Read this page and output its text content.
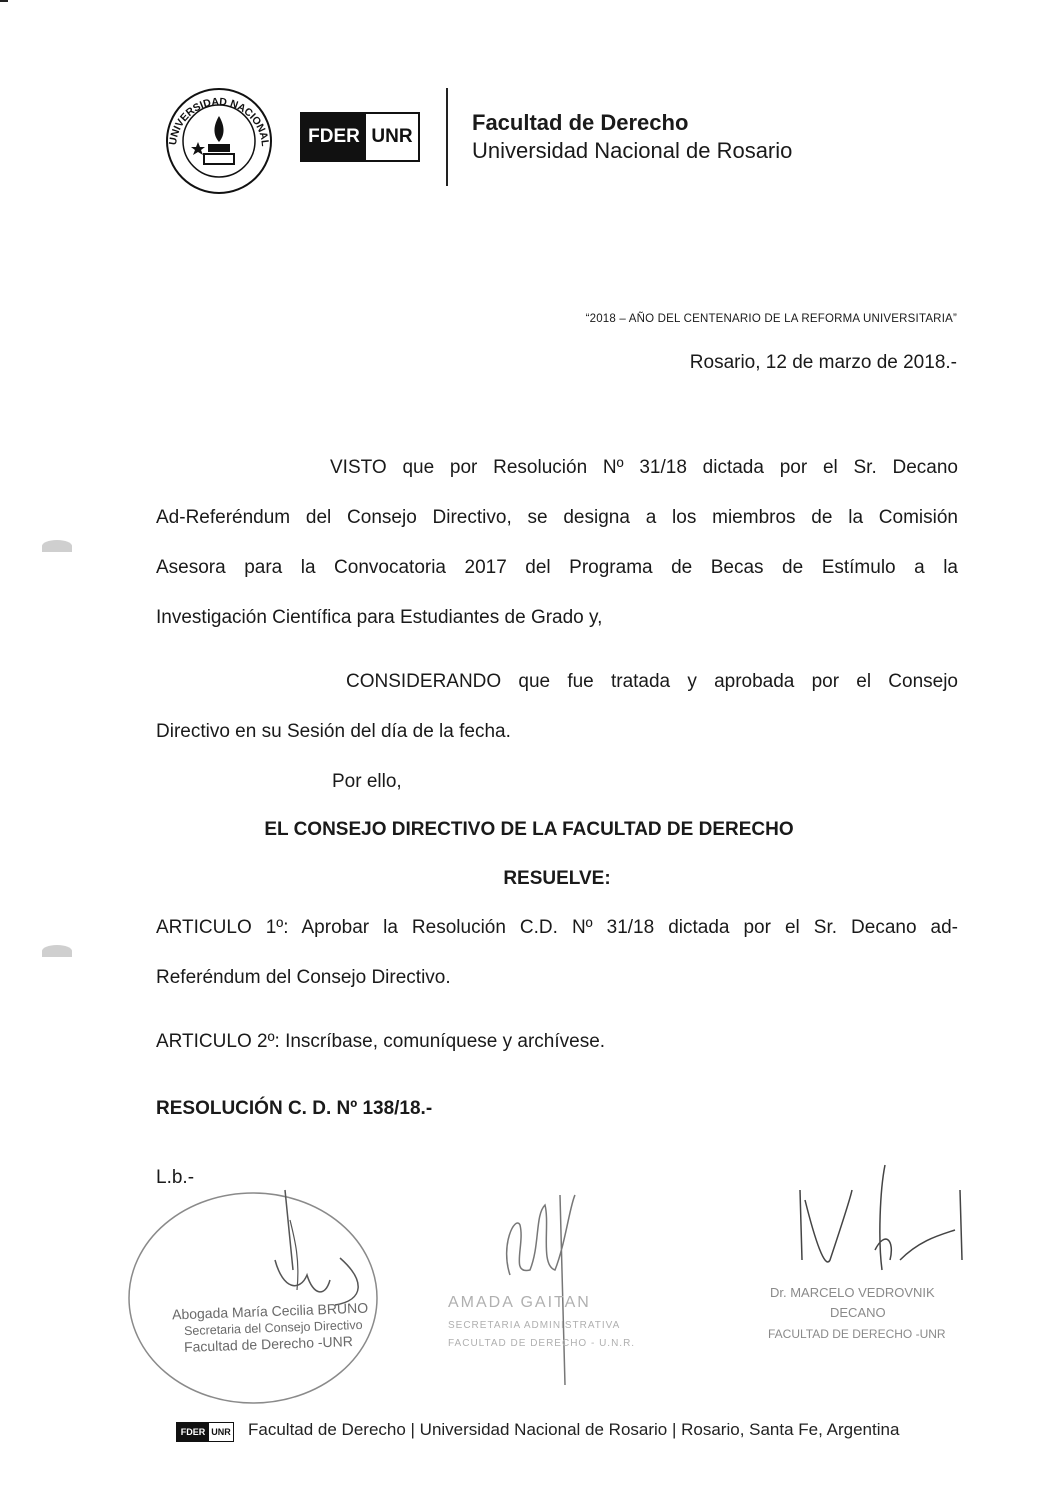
UNIVERSIDAD NACIONAL	FDER UNR
Facultad de Derecho
Universidad Nacional de Rosario
“2018 – AÑO DEL CENTENARIO DE LA REFORMA UNIVERSITARIA”
Rosario, 12 de marzo de 2018.-
VISTO que por Resolución Nº 31/18 dictada por el Sr. Decano
Ad-Referéndum del Consejo Directivo, se designa a los miembros de la Comisión
Asesora para la Convocatoria 2017 del Programa de Becas de Estímulo a la
Investigación Científica para Estudiantes de Grado y,
CONSIDERANDO que fue tratada y aprobada por el Consejo
Directivo en su Sesión del día de la fecha.
Por ello,
EL CONSEJO DIRECTIVO DE LA FACULTAD DE DERECHO
RESUELVE:
ARTICULO 1º: Aprobar la Resolución C.D. Nº 31/18 dictada por el Sr. Decano ad-
Referéndum del Consejo Directivo.
ARTICULO 2º: Inscríbase, comuníquese y archívese.
RESOLUCIÓN C. D. Nº 138/18.-
L.b.-
Abogada María Cecilia BRUNO
Secretaria del Consejo Directivo
Facultad de Derecho -UNR
AMADA GAITAN
SECRETARIA ADMINISTRATIVA
FACULTAD DE DERECHO - U.N.R.
Dr. MARCELO VEDROVNIK
DECANO
FACULTAD DE DERECHO -UNR
FDER UNR Facultad de Derecho | Universidad Nacional de Rosario | Rosario, Santa Fe, Argentina
